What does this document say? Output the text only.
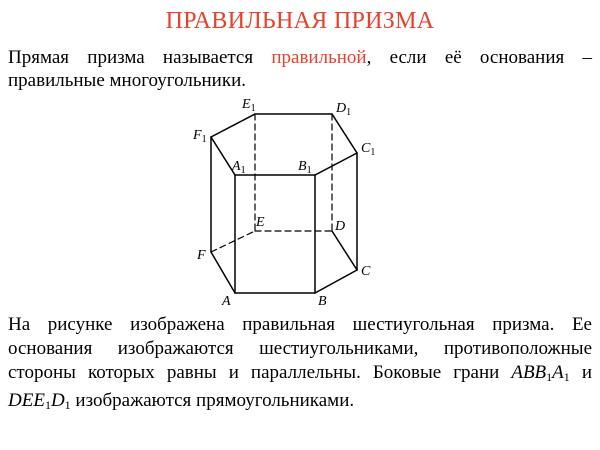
ПРАВИЛЬНАЯ ПРИЗМА
Прямая призма называется правильной, если её основания – правильные многоугольники.
A	B
C
D
E
F
$A_1$	$B_1$
$C_1$
$D_1$
$E_1$
$F_1$
На рисунке изображена правильная шестиугольная призма. Ее основания изображаются шестиугольниками, противоположные стороны которых равны и параллельны. Боковые грани $ABB_1A_1$ и $DEE_1D_1$ изображаются прямоугольниками.
